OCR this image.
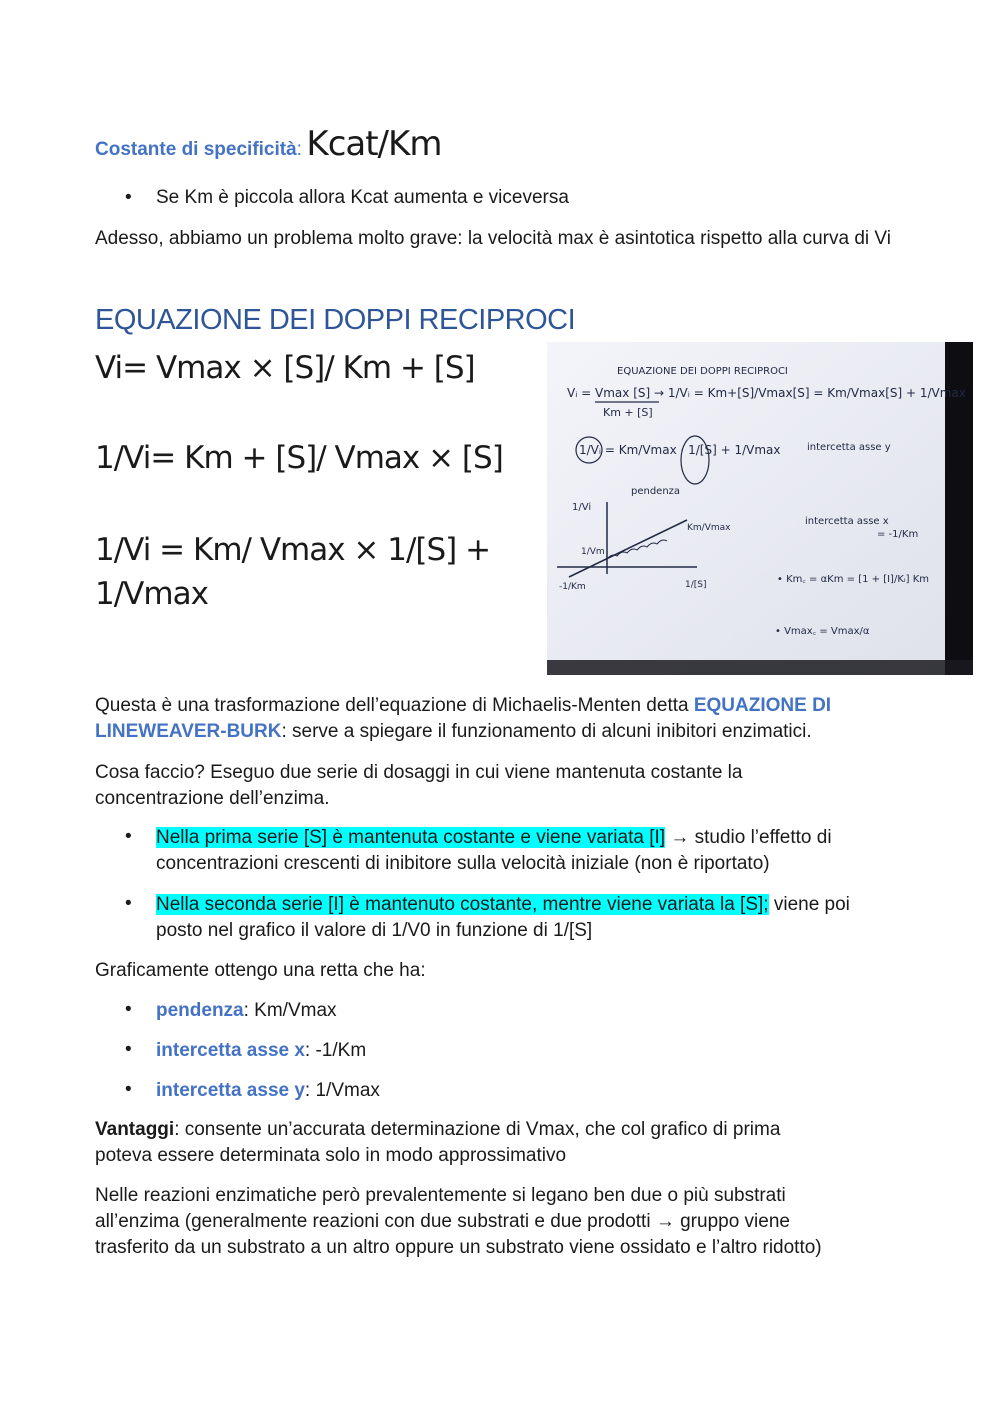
Costante di specificità: Kcat/Km
• Se Km è piccola allora Kcat aumenta e viceversa

Adesso, abbiamo un problema molto grave: la velocità max è asintotica rispetto alla curva di Vi

EQUAZIONE DEI DOPPI RECIPROCI
Vi= Vmax × [S]/ Km + [S]
1/Vi= Km + [S]/ Vmax × [S]
1/Vi = Km/ Vmax × 1/[S] +
1/Vmax
EQUAZIONE DEI DOPPI RECIPROCI
Vᵢ = Vmax [S] → 1/Vᵢ = Km+[S]/Vmax[S] = Km/Vmax[S] + 1/Vmax
Km + [S]
1/Vᵢ = Km/Vmax · 1/[S] + 1/Vmax	intercetta asse y
pendenza
1/Vi
1/Vm
-1/Km	1/[S]
Km/Vmax
intercetta asse x
= -1/Km
• Km꜀ = αKm = [1 + [I]/Kᵢ] Km
• Vmax꜀ = Vmax/α

Questa è una trasformazione dell’equazione di Michaelis-Menten detta EQUAZIONE DI
LINEWEAVER-BURK: serve a spiegare il funzionamento di alcuni inibitori enzimatici.

Cosa faccio? Eseguo due serie di dosaggi in cui viene mantenuta costante la
concentrazione dell’enzima.

• Nella prima serie [S] è mantenuta costante e viene variata [I] → studio l’effetto di
concentrazioni crescenti di inibitore sulla velocità iniziale (non è riportato)

• Nella seconda serie [I] è mantenuto costante, mentre viene variata la [S]; viene poi
posto nel grafico il valore di 1/V0 in funzione di 1/[S]

Graficamente ottengo una retta che ha:

• pendenza: Km/Vmax

• intercetta asse x: -1/Km

• intercetta asse y: 1/Vmax

Vantaggi: consente un’accurata determinazione di Vmax, che col grafico di prima
poteva essere determinata solo in modo approssimativo

Nelle reazioni enzimatiche però prevalentemente si legano ben due o più substrati
all’enzima (generalmente reazioni con due substrati e due prodotti → gruppo viene
trasferito da un substrato a un altro oppure un substrato viene ossidato e l’altro ridotto)
